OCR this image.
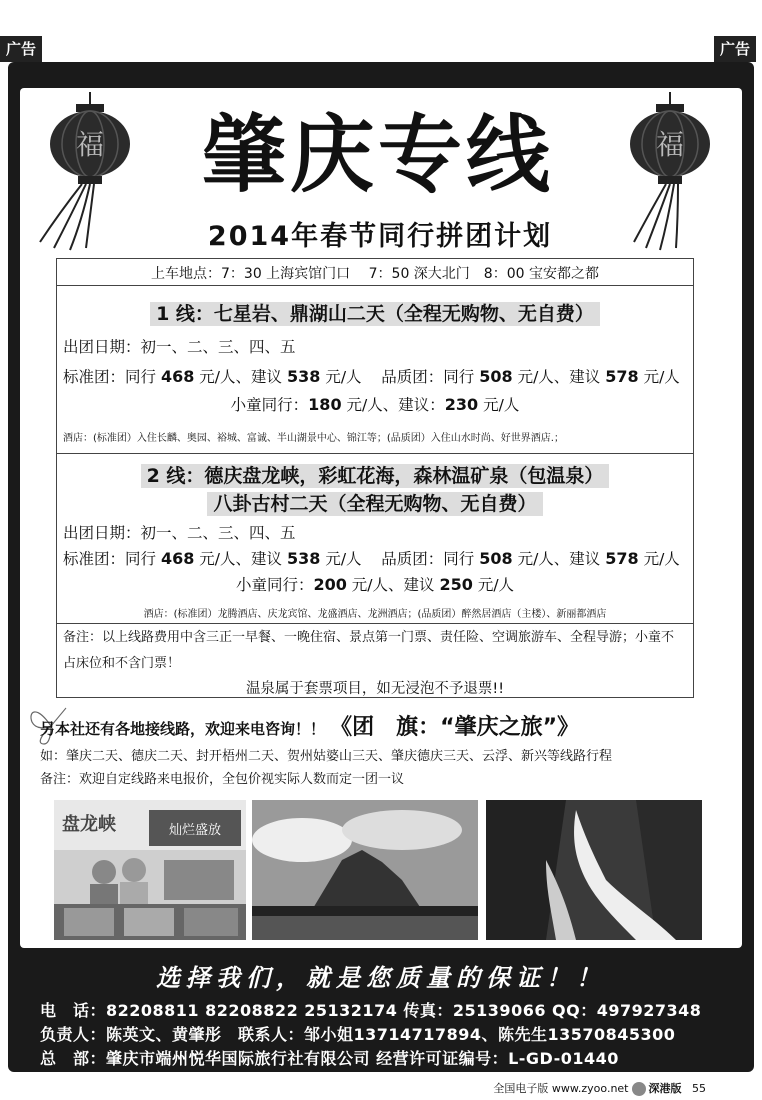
广告	广告
福	福
肇庆专线
2014年春节同行拼团计划
上车地点：7：30 上海宾馆门口　 7：50 深大北门　8：00 宝安都之都
1 线：七星岩、鼎湖山二天（全程无购物、无自费）
出团日期：初一、二、三、四、五
标准团：同行 468 元/人、建议 538 元/人 品质团：同行 508 元/人、建议 578 元/人
小童同行：180 元/人、建议：230 元/人
酒店：(标准团）入住长麟、奥园、裕城、富诚、半山湖景中心、锦江等；(品质团）入住山水时尚、好世界酒店.；
2 线：德庆盘龙峡，彩虹花海，森林温矿泉（包温泉）
八卦古村二天（全程无购物、无自费）
出团日期：初一、二、三、四、五
标准团：同行 468 元/人、建议 538 元/人 品质团：同行 508 元/人、建议 578 元/人
小童同行：200 元/人、建议 250 元/人
酒店：(标准团）龙腾酒店、庆龙宾馆、龙盛酒店、龙洲酒店；(品质团）醉然居酒店（主楼）、新丽都酒店
备注：以上线路费用中含三正一早餐、一晚住宿、景点第一门票、责任险、空调旅游车、全程导游；小童不占床位和不含门票！
温泉属于套票项目，如无浸泡不予退票!!
另本社还有各地接线路，欢迎来电咨询！！ 《团　旗：“肇庆之旅”》
如：肇庆二天、德庆二天、封开梧州二天、贺州姑婆山三天、肇庆德庆三天、云浮、新兴等线路行程
备注：欢迎自定线路来电报价，全包价视实际人数而定一团一议
盘龙峡	灿烂盛放
选择我们，就是您质量的保证！！
电　话：82208811 82208822 25132174 传真：25139066 QQ：497927348
负责人：陈英文、黄肇彤　联系人：邹小姐13714717894、陈先生13570845300
总　部：肇庆市端州悦华国际旅行社有限公司 经营许可证编号：L-GD-01440
全国电子版 www.zyoo.net 深港版 55
